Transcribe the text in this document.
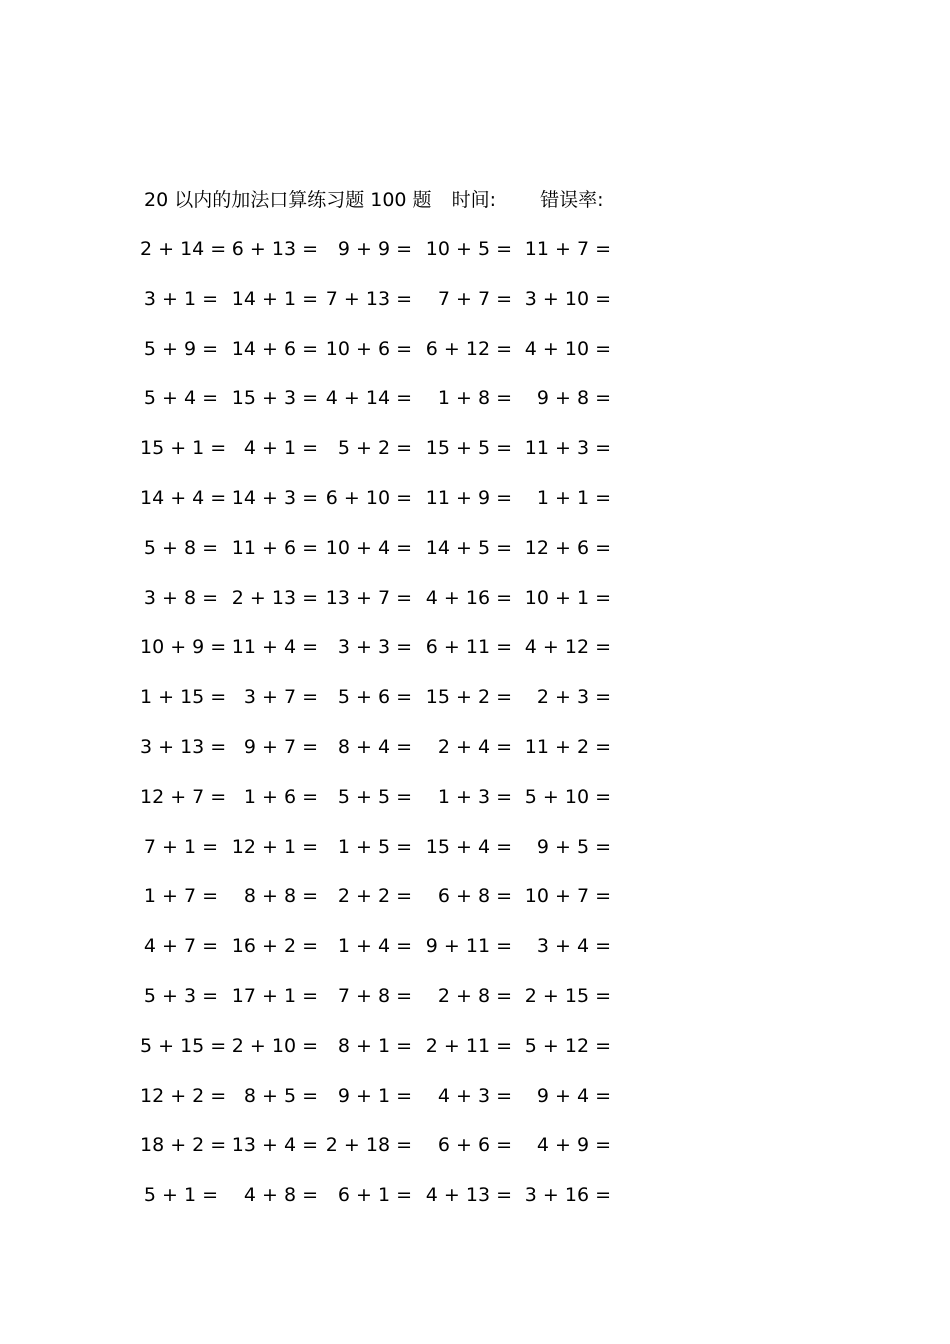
20 以内的加法口算练习题 100 题 时间: 错误率:
2 + 14 = 6 + 13 = 9 + 9 = 10 + 5 = 11 + 7 =
3 + 1 = 14 + 1 = 7 + 13 = 7 + 7 = 3 + 10 =
5 + 9 = 14 + 6 = 10 + 6 = 6 + 12 = 4 + 10 =
5 + 4 = 15 + 3 = 4 + 14 = 1 + 8 = 9 + 8 =
15 + 1 = 4 + 1 = 5 + 2 = 15 + 5 = 11 + 3 =
14 + 4 = 14 + 3 = 6 + 10 = 11 + 9 = 1 + 1 =
5 + 8 = 11 + 6 = 10 + 4 = 14 + 5 = 12 + 6 =
3 + 8 = 2 + 13 = 13 + 7 = 4 + 16 = 10 + 1 =
10 + 9 = 11 + 4 = 3 + 3 = 6 + 11 = 4 + 12 =
1 + 15 = 3 + 7 = 5 + 6 = 15 + 2 = 2 + 3 =
3 + 13 = 9 + 7 = 8 + 4 = 2 + 4 = 11 + 2 =
12 + 7 = 1 + 6 = 5 + 5 = 1 + 3 = 5 + 10 =
7 + 1 = 12 + 1 = 1 + 5 = 15 + 4 = 9 + 5 =
1 + 7 = 8 + 8 = 2 + 2 = 6 + 8 = 10 + 7 =
4 + 7 = 16 + 2 = 1 + 4 = 9 + 11 = 3 + 4 =
5 + 3 = 17 + 1 = 7 + 8 = 2 + 8 = 2 + 15 =
5 + 15 = 2 + 10 = 8 + 1 = 2 + 11 = 5 + 12 =
12 + 2 = 8 + 5 = 9 + 1 = 4 + 3 = 9 + 4 =
18 + 2 = 13 + 4 = 2 + 18 = 6 + 6 = 4 + 9 =
5 + 1 = 4 + 8 = 6 + 1 = 4 + 13 = 3 + 16 =
